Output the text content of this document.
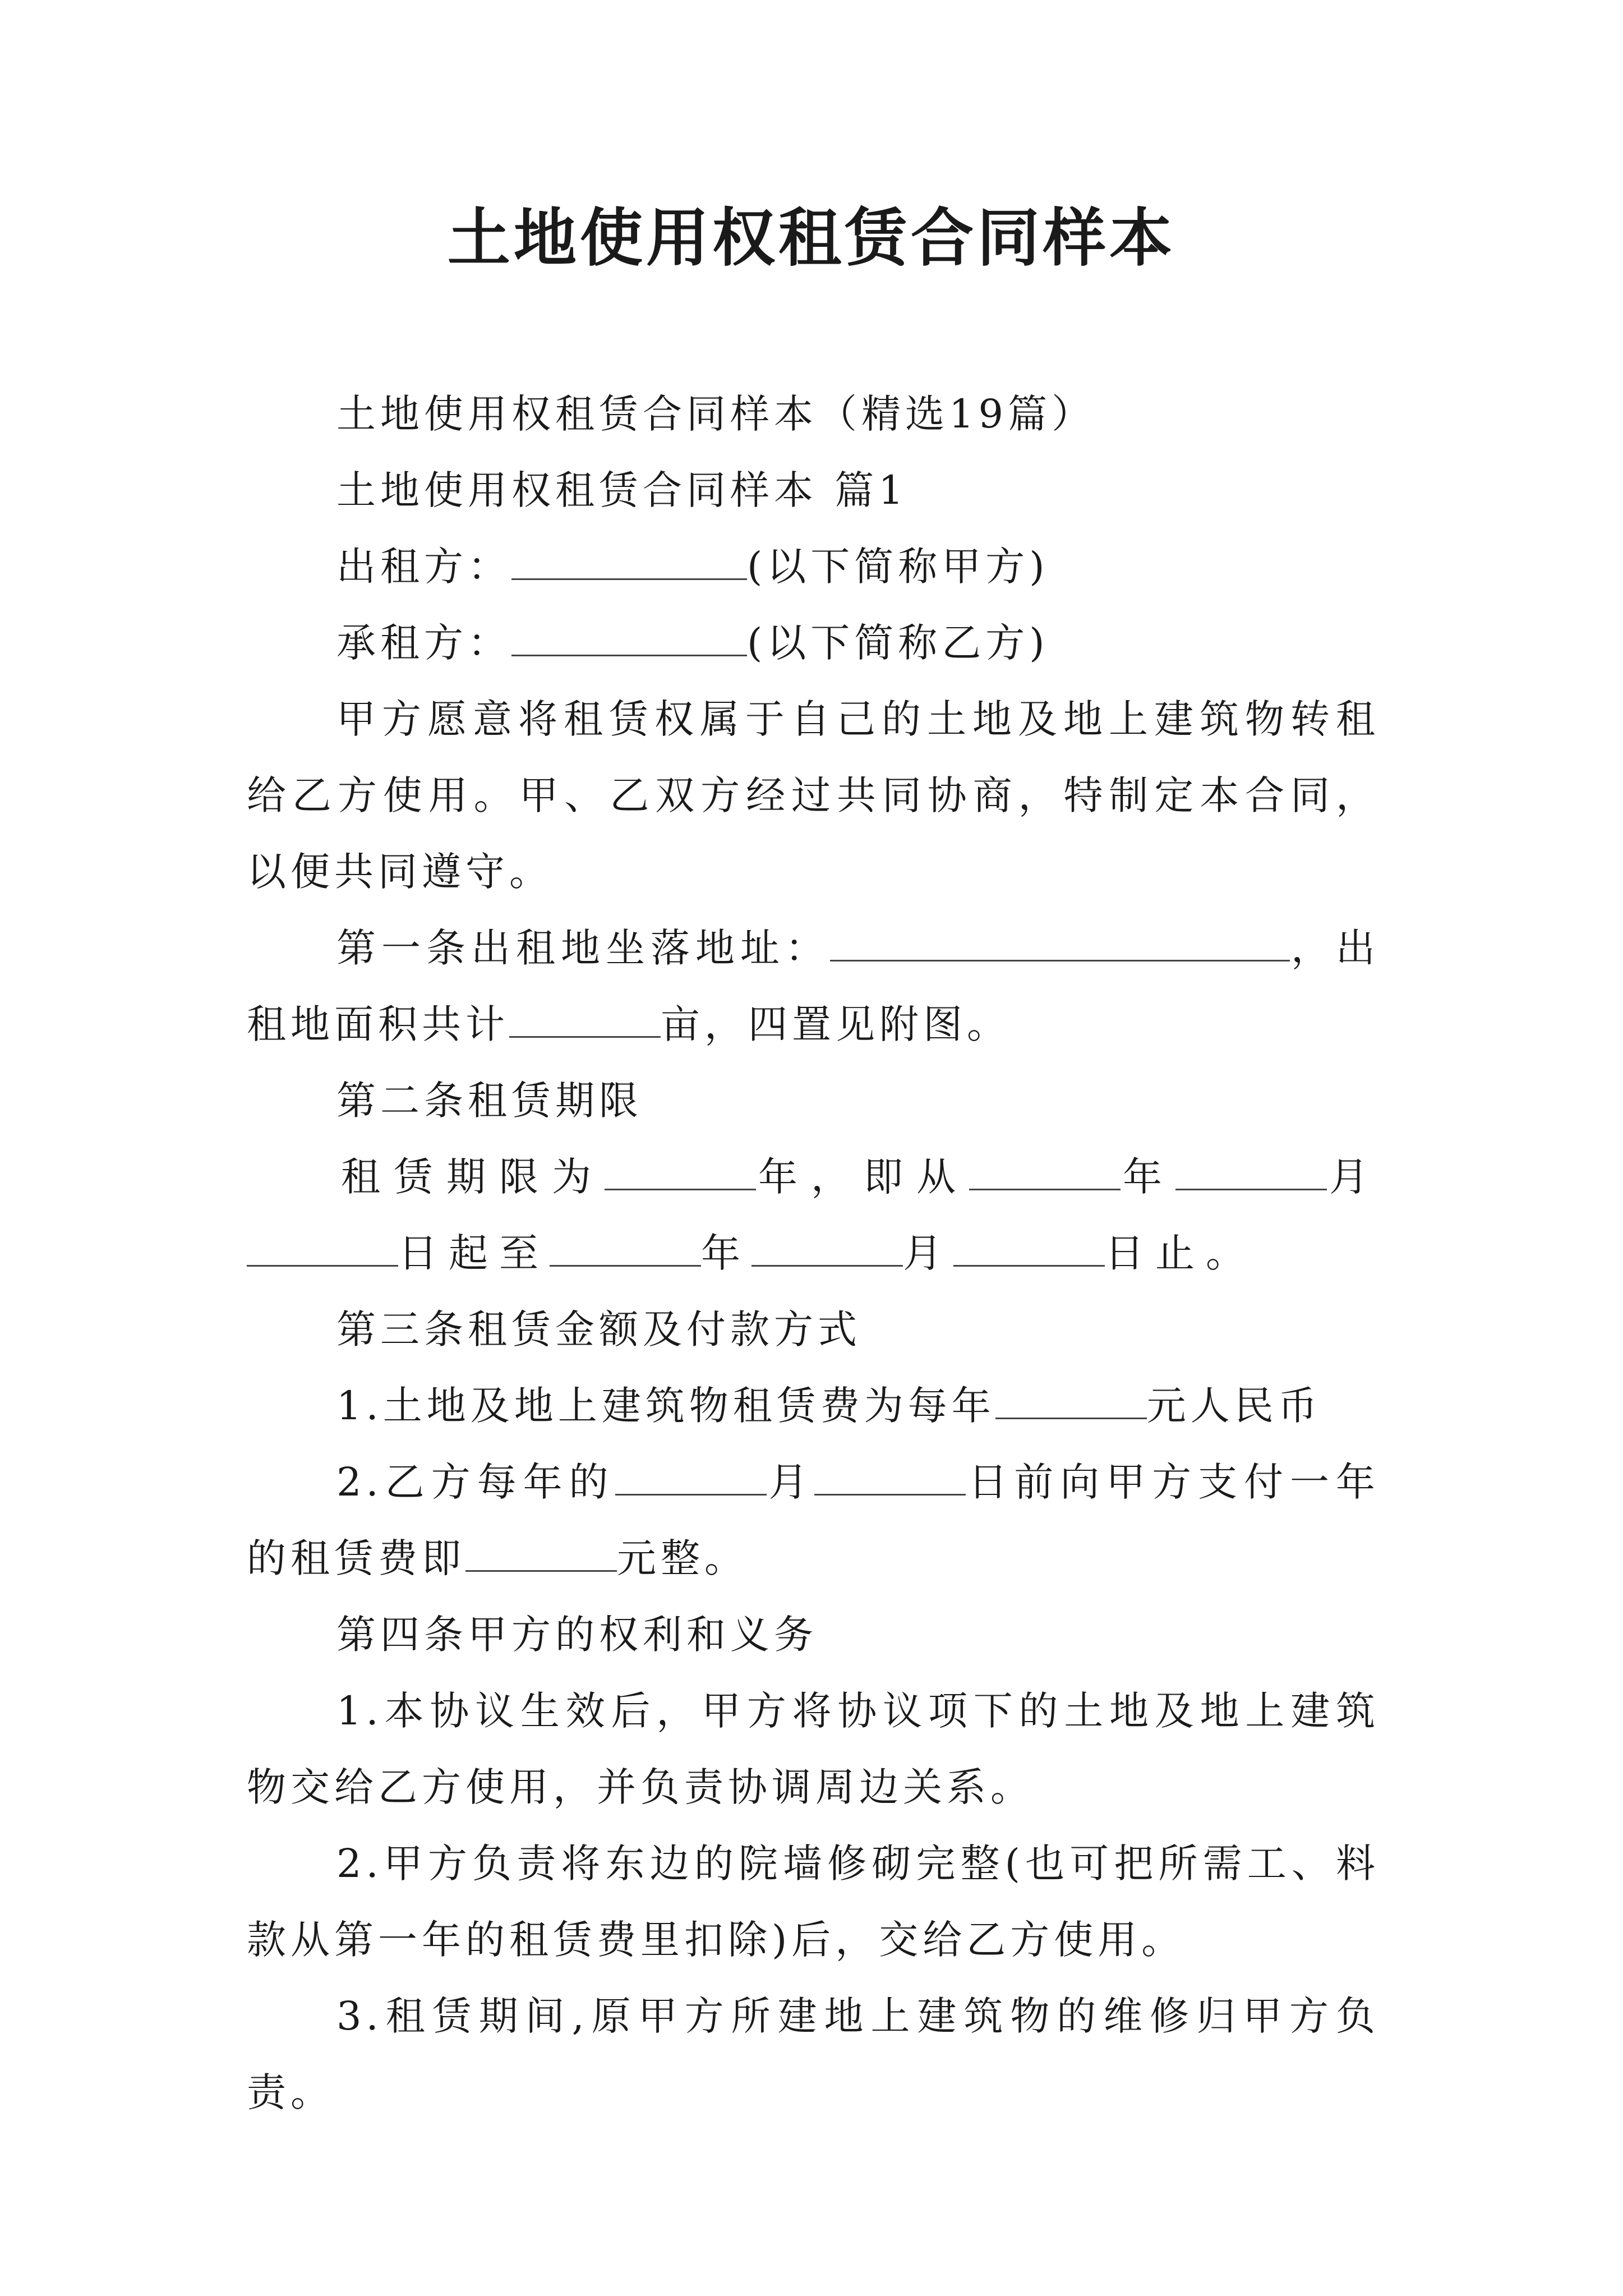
土地使用权租赁合同样本

土地使用权租赁合同样本（精选19篇）

土地使用权租赁合同样本 篇1

出租方：	(以下简称甲方)

承租方：	(以下简称乙方)

甲方愿意将租赁权属于自己的土地及地上建筑物转租给乙方使用。甲、乙双方经过共同协商，特制定本合同，以便共同遵守。

第一条出租地坐落地址：	，出租地面积共计	亩，四置见附图。

第二条租赁期限

租赁期限为	年，即从	年	月日起至	年	月	日止。

第三条租赁金额及付款方式

1.土地及地上建筑物租赁费为每年	元人民币

2.乙方每年的	月	日前向甲方支付一年的租赁费即	元整。

第四条甲方的权利和义务

1.本协议生效后，甲方将协议项下的土地及地上建筑物交给乙方使用，并负责协调周边关系。

2.甲方负责将东边的院墙修砌完整(也可把所需工、料款从第一年的租赁费里扣除)后，交给乙方使用。

3.租赁期间,原甲方所建地上建筑物的维修归甲方负责。
